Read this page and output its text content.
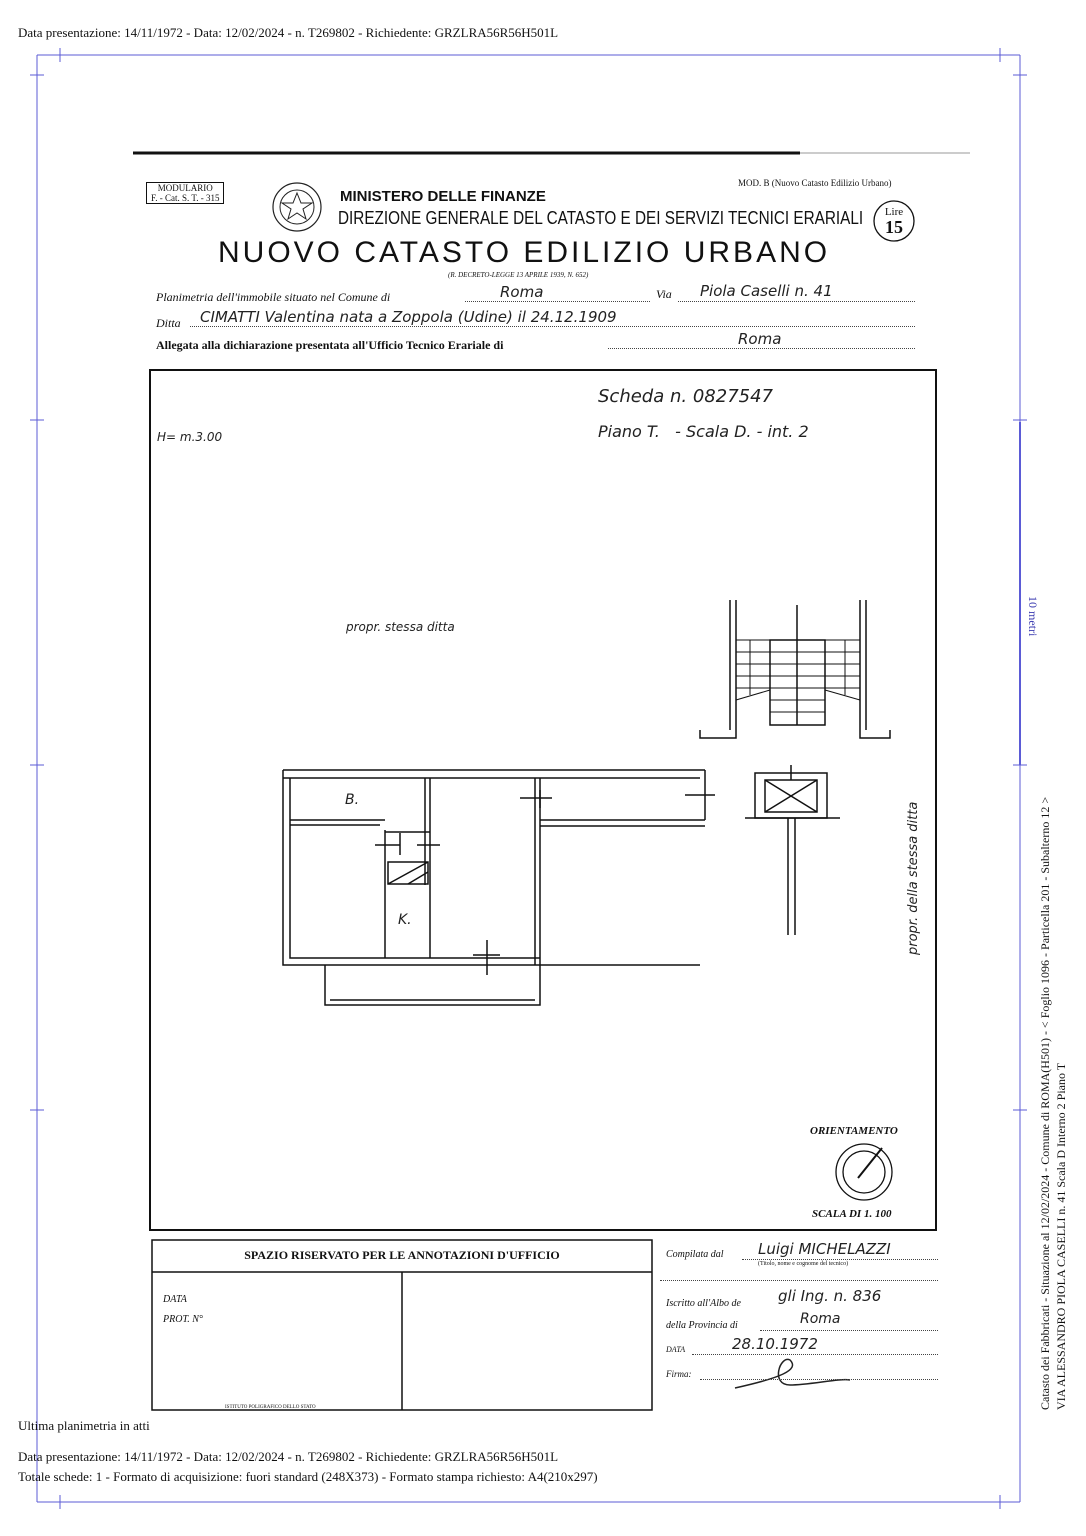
Data presentazione: 14/11/1972 - Data: 12/02/2024 - n. T269802 - Richiedente: GRZLRA56R56H501L
MODULARIO
F. - Cat. S. T. - 315	MINISTERO DELLE FINANZE
DIREZIONE GENERALE DEL CATASTO E DEI SERVIZI TECNICI ERARIALI
MOD. B (Nuovo Catasto Edilizio Urbano)
Lire
15
NUOVO CATASTO EDILIZIO URBANO
(R. DECRETO-LEGGE 13 APRILE 1939, N. 652)
Planimetria dell'immobile situato nel Comune di	Roma	Via Piola Caselli n. 41
Ditta CIMATTI Valentina nata a Zoppola (Udine) il 24.12.1909
Allegata alla dichiarazione presentata all'Ufficio Tecnico Erariale di	Roma
Scheda n. 0827547
Piano T.   - Scala D. - int. 2
H= m.3.00
propr. stessa ditta
propr. della stessa ditta
B.
K.
ORIENTAMENTO
SCALA DI 1. 100
SPAZIO RISERVATO PER LE ANNOTAZIONI D'UFFICIO
DATA
PROT. N°
ISTITUTO POLIGRAFICO DELLO STATO
Compilata dal Luigi MICHELAZZI
(Titolo, nome e cognome del tecnico)
Iscritto all'Albo de gli Ing. n. 836
della Provincia di	Roma
DATA	28.10.1972
Firma:
10 metri
Catasto dei Fabbricati - Situazione al 12/02/2024 - Comune di ROMA(H501) - < Foglio 1096 - Particella 201 - Subalterno 12 > VIA ALESSANDRO PIOLA CASELLI n. 41 Scala D Interno 2 Piano T
Ultima planimetria in atti
Data presentazione: 14/11/1972 - Data: 12/02/2024 - n. T269802 - Richiedente: GRZLRA56R56H501L
Totale schede: 1 - Formato di acquisizione: fuori standard (248X373) - Formato stampa richiesto: A4(210x297)
